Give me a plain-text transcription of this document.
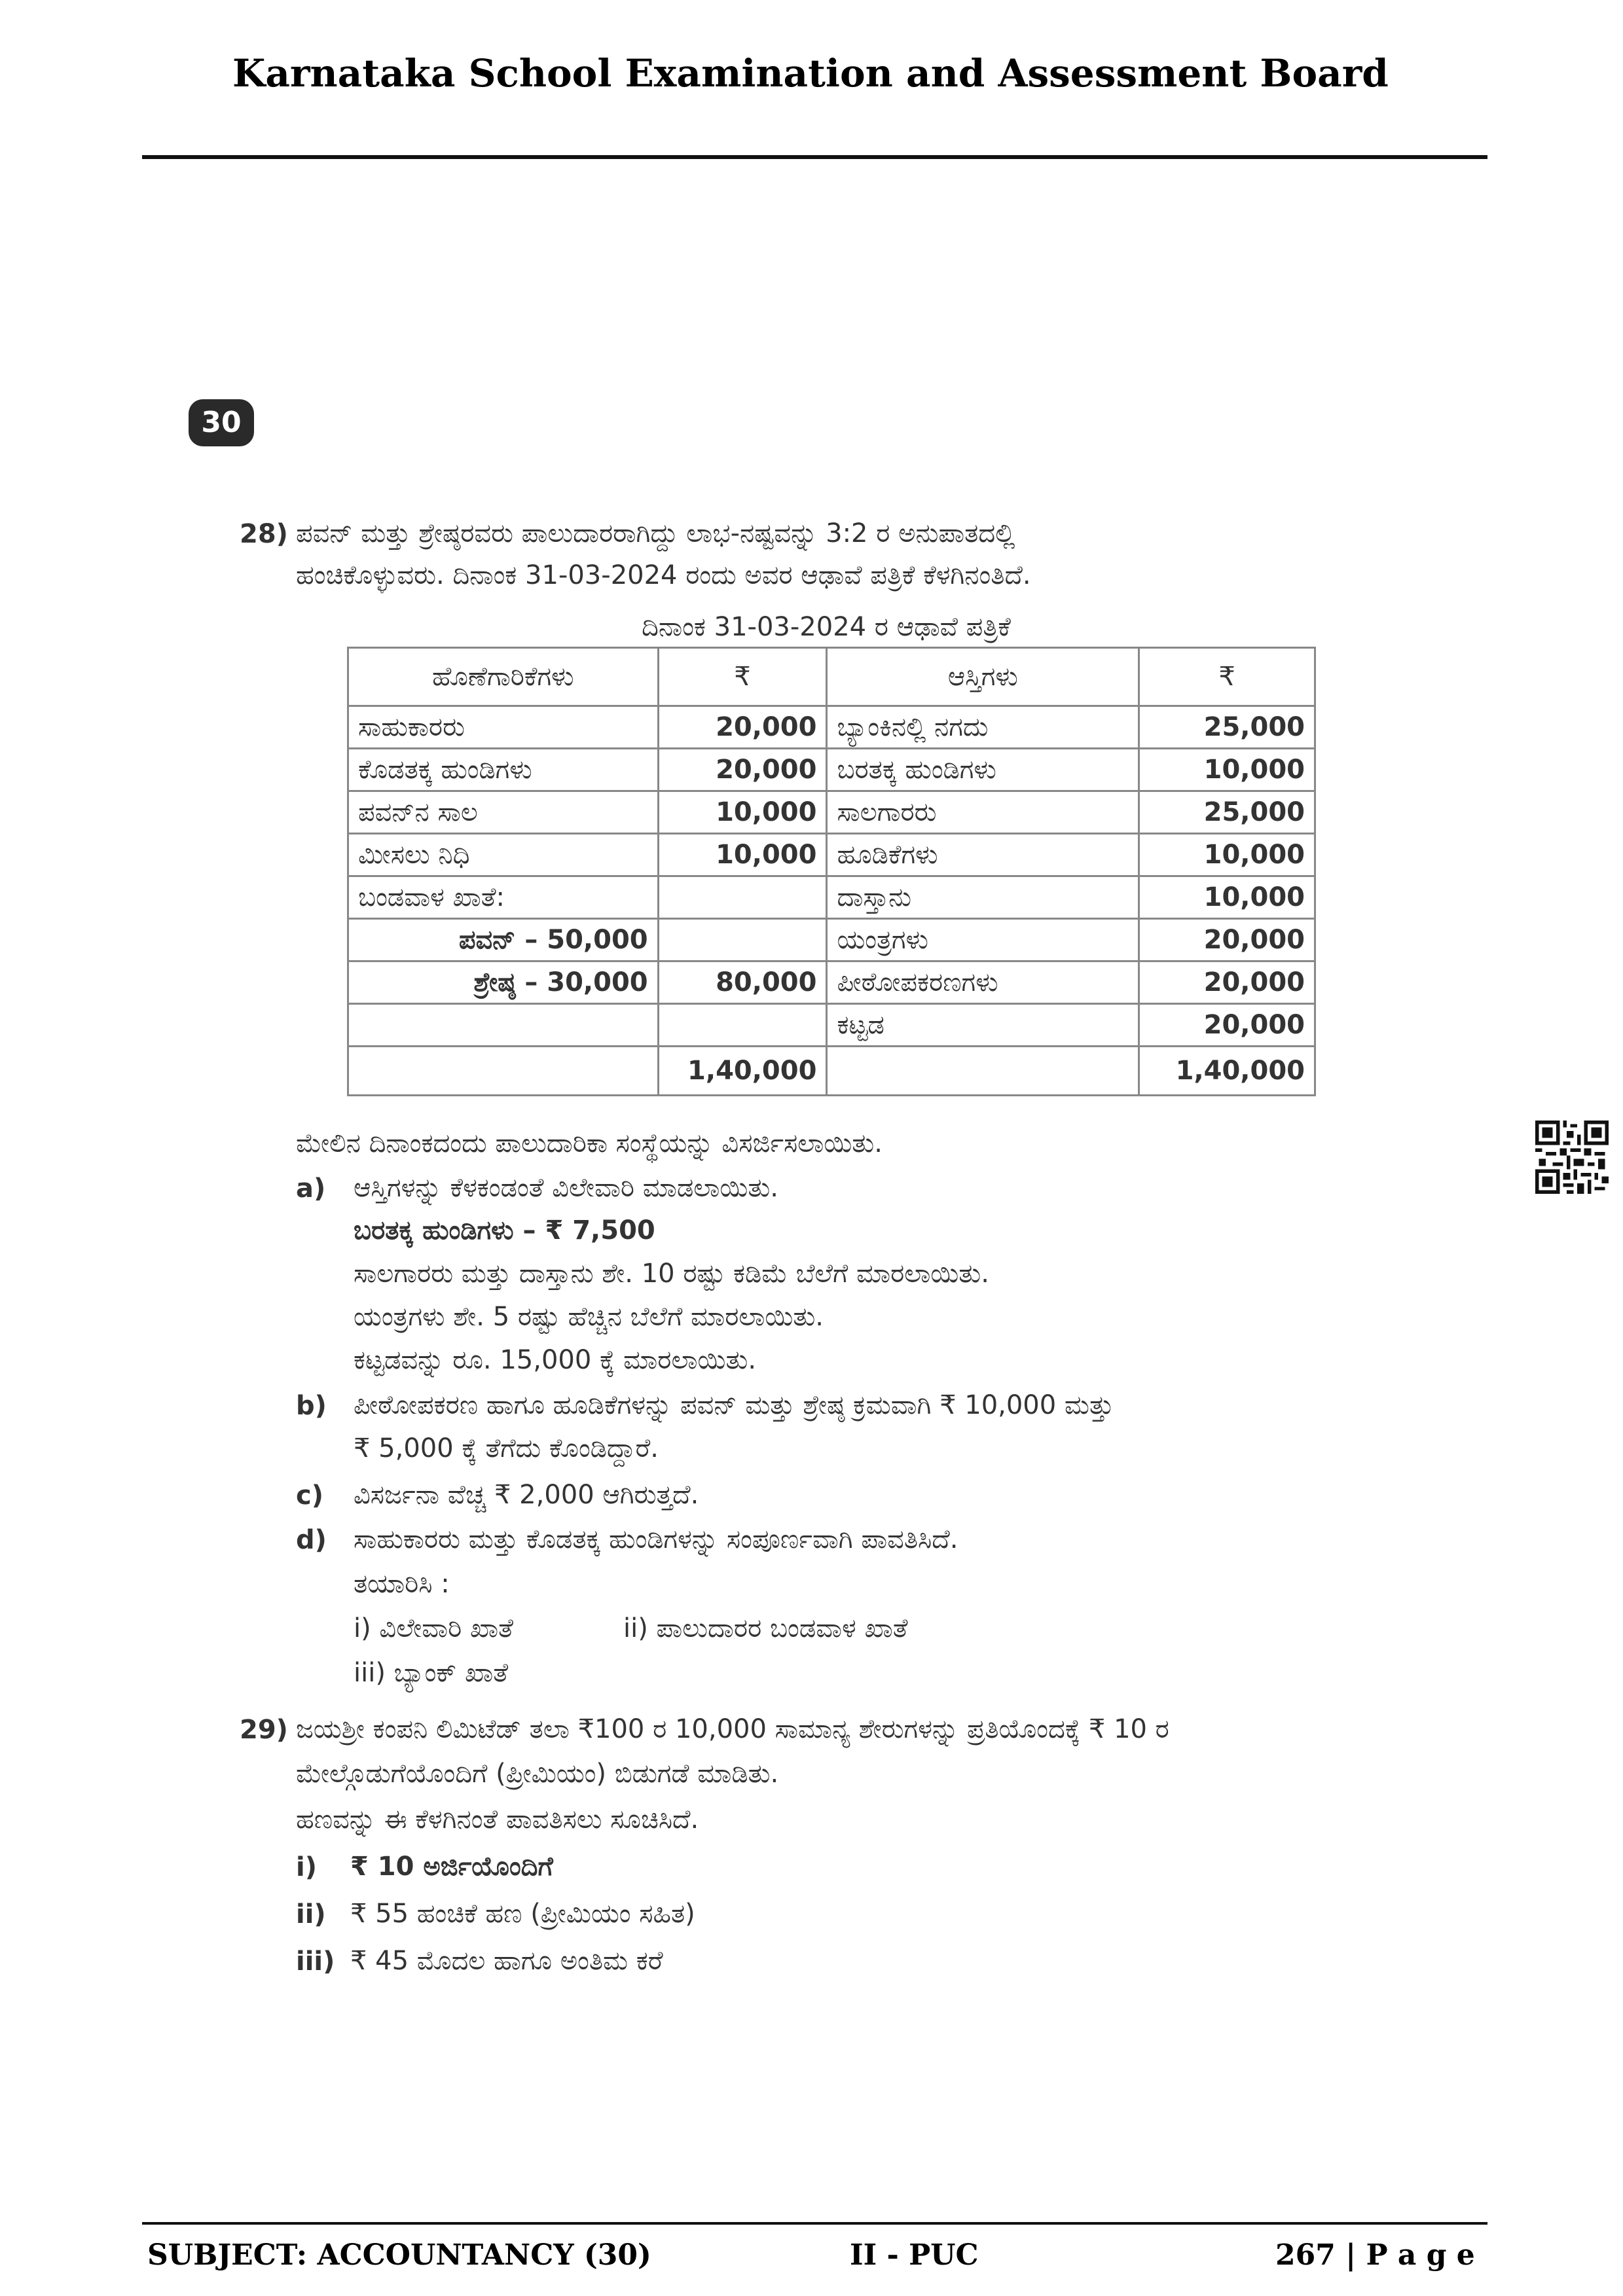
Karnataka School Examination and Assessment Board
30
28) ಪವನ್ ಮತ್ತು ಶ್ರೇಷ್ಠರವರು ಪಾಲುದಾರರಾಗಿದ್ದು ಲಾಭ-ನಷ್ಟವನ್ನು 3:2 ರ ಅನುಪಾತದಲ್ಲಿ
ಹಂಚಿಕೊಳ್ಳುವರು. ದಿನಾಂಕ 31-03-2024 ರಂದು ಅವರ ಆಢಾವೆ ಪತ್ರಿಕೆ ಕೆಳಗಿನಂತಿದೆ.
ದಿನಾಂಕ 31-03-2024 ರ ಆಢಾವೆ ಪತ್ರಿಕೆ
ಹೊಣೆಗಾರಿಕೆಗಳು	₹	ಆಸ್ತಿಗಳು	₹
ಸಾಹುಕಾರರು	20,000	ಬ್ಯಾಂಕಿನಲ್ಲಿ ನಗದು	25,000
ಕೊಡತಕ್ಕ ಹುಂಡಿಗಳು	20,000	ಬರತಕ್ಕ ಹುಂಡಿಗಳು	10,000
ಪವನ್‌ನ ಸಾಲ	10,000	ಸಾಲಗಾರರು	25,000
ಮೀಸಲು ನಿಧಿ	10,000	ಹೂಡಿಕೆಗಳು	10,000
ಬಂಡವಾಳ ಖಾತೆ:		ದಾಸ್ತಾನು	10,000
ಪವನ್ – 50,000		ಯಂತ್ರಗಳು	20,000
ಶ್ರೇಷ್ಠ – 30,000	80,000	ಪೀಠೋಪಕರಣಗಳು	20,000
		ಕಟ್ಟಡ	20,000
	1,40,000		1,40,000
ಮೇಲಿನ ದಿನಾಂಕದಂದು ಪಾಲುದಾರಿಕಾ ಸಂಸ್ಥೆಯನ್ನು ವಿಸರ್ಜಿಸಲಾಯಿತು.
a) ಆಸ್ತಿಗಳನ್ನು ಕೆಳಕಂಡಂತೆ ವಿಲೇವಾರಿ ಮಾಡಲಾಯಿತು.
ಬರತಕ್ಕ ಹುಂಡಿಗಳು – ₹ 7,500
ಸಾಲಗಾರರು ಮತ್ತು ದಾಸ್ತಾನು ಶೇ. 10 ರಷ್ಟು ಕಡಿಮೆ ಬೆಲೆಗೆ ಮಾರಲಾಯಿತು.
ಯಂತ್ರಗಳು ಶೇ. 5 ರಷ್ಟು ಹೆಚ್ಚಿನ ಬೆಲೆಗೆ ಮಾರಲಾಯಿತು.
ಕಟ್ಟಡವನ್ನು ರೂ. 15,000 ಕ್ಕೆ ಮಾರಲಾಯಿತು.
b) ಪೀಠೋಪಕರಣ ಹಾಗೂ ಹೂಡಿಕೆಗಳನ್ನು ಪವನ್ ಮತ್ತು ಶ್ರೇಷ್ಠ ಕ್ರಮವಾಗಿ ₹ 10,000 ಮತ್ತು
₹ 5,000 ಕ್ಕೆ ತೆಗೆದು ಕೊಂಡಿದ್ದಾರೆ.
c) ವಿಸರ್ಜನಾ ವೆಚ್ಚ ₹ 2,000 ಆಗಿರುತ್ತದೆ.
d) ಸಾಹುಕಾರರು ಮತ್ತು ಕೊಡತಕ್ಕ ಹುಂಡಿಗಳನ್ನು ಸಂಪೂರ್ಣವಾಗಿ ಪಾವತಿಸಿದೆ.
ತಯಾರಿಸಿ :
i) ವಿಲೇವಾರಿ ಖಾತೆ	ii) ಪಾಲುದಾರರ ಬಂಡವಾಳ ಖಾತೆ
iii) ಬ್ಯಾಂಕ್ ಖಾತೆ
29) ಜಯಶ್ರೀ ಕಂಪನಿ ಲಿಮಿಟೆಡ್ ತಲಾ ₹100 ರ 10,000 ಸಾಮಾನ್ಯ ಶೇರುಗಳನ್ನು ಪ್ರತಿಯೊಂದಕ್ಕೆ ₹ 10 ರ
ಮೇಲ್ಗೊಡುಗೆಯೊಂದಿಗೆ (ಪ್ರೀಮಿಯಂ) ಬಿಡುಗಡೆ ಮಾಡಿತು.
ಹಣವನ್ನು ಈ ಕೆಳಗಿನಂತೆ ಪಾವತಿಸಲು ಸೂಚಿಸಿದೆ.
i) ₹ 10 ಅರ್ಜಿಯೊಂದಿಗೆ
ii) ₹ 55 ಹಂಚಿಕೆ ಹಣ (ಪ್ರೀಮಿಯಂ ಸಹಿತ)
iii) ₹ 45 ಮೊದಲ ಹಾಗೂ ಅಂತಿಮ ಕರೆ
SUBJECT: ACCOUNTANCY (30)	II - PUC	267 | P a g e
